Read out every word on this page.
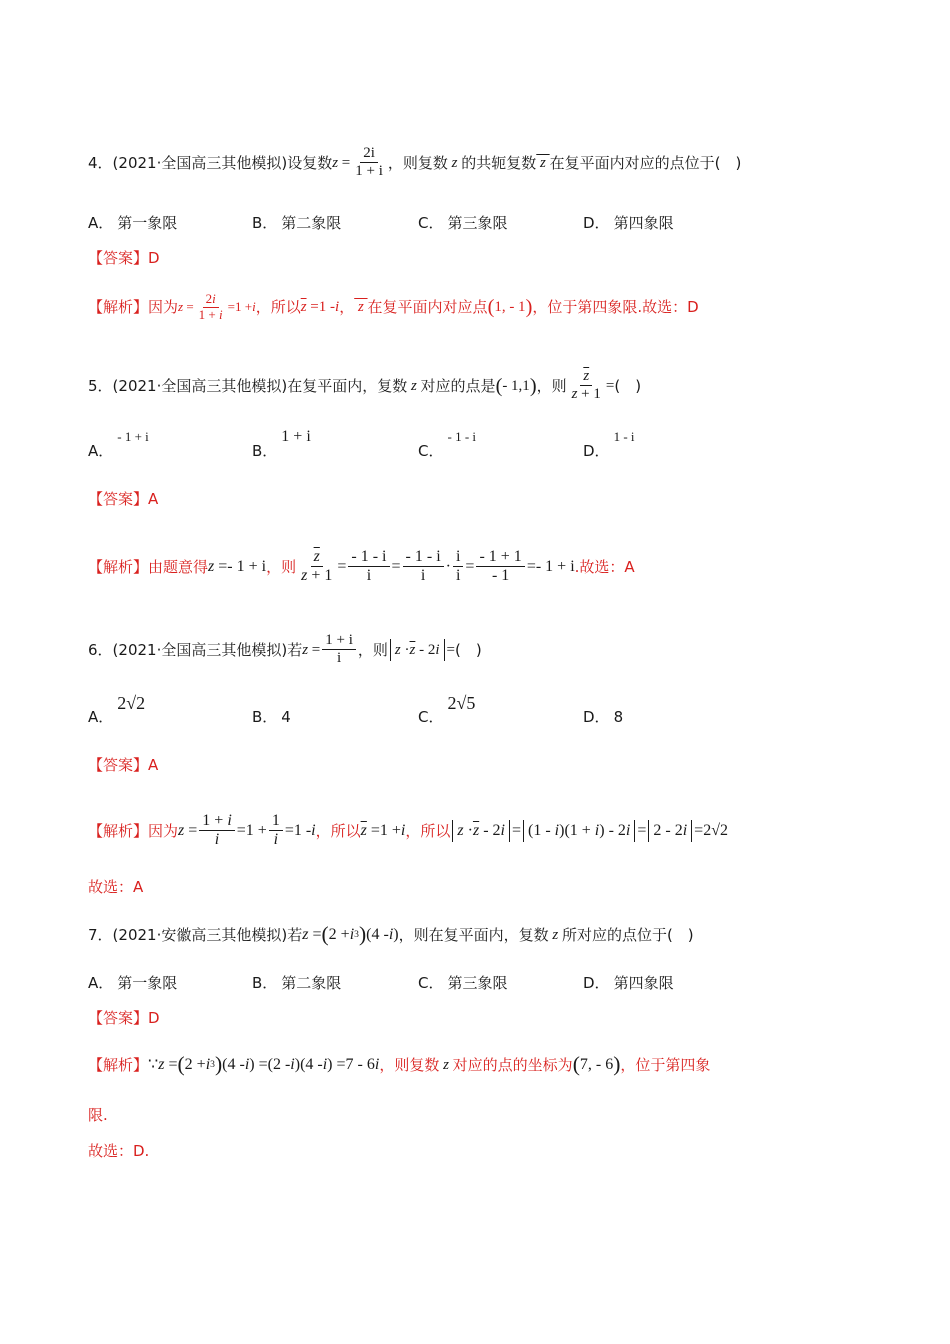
4．(2021·全国高三其他模拟)设复数 $z = \frac{2i}{1 + i}$ ，则复数 z 的共轭复数 z 在复平面内对应的点位于(　)
A． 第一象限	B． 第二象限	C． 第三象限	D． 第四象限
【答案】D
【解析】因为 $z = \frac{2i}{1 + i} =1 + i$ ，所以 $\overline{z} =1 - i$ ， z 在复平面内对应点 ( 1, - 1 ) ，位于第四象限.故选：D
5．(2021·全国高三其他模拟)在复平面内，复数 z 对应的点是 ( - 1,1 ) ，则 $\frac{\overline{z}}{z + 1}$ = (　)
A．
- 1 + i
B．
1 + i
C．
- 1 - i
D．
1 - i
【答案】A
【解析】由题意得 z =- 1 + i ，则 $\frac{\overline{z}}{z + 1} = \frac{- 1 - i}{i} = \frac{- 1 - i}{i} \cdot \frac{i}{i} = \frac{- 1 + 1}{- 1} =- 1 + i$ .故选：A
6．(2021·全国高三其他模拟)若 $z = \frac{1 + i}{i}$ ，则 $z \cdot\overline{z} - 2i$ = (　)
A．
2√2
B． 4	C．
2√5
D． 8
【答案】A
【解析】因为 $z = \frac{1 + i}{i} =1 + \frac{1}{i} =1 - i$ ，所以 $\overline{z} =1 + i$ ，所以 $z \cdot\overline{z} - 2i = (1 - i)(1 + i) - 2i = 2 - 2i =2√2$
故选：A
7．(2021·安徽高三其他模拟)若 z = ( 2 + i 3 ) (4 - i ) ，则在复平面内，复数 z 所对应的点位于(　)
A． 第一象限	B． 第二象限	C． 第三象限	D． 第四象限
【答案】D
【解析】 ∵ z = ( 2 + i 3 ) (4 - i ) =(2 - i )(4 - i ) =7 - 6 i ，则复数 z 对应的点的坐标为 ( 7, - 6 ) ，位于第四象
限.
故选：D.
